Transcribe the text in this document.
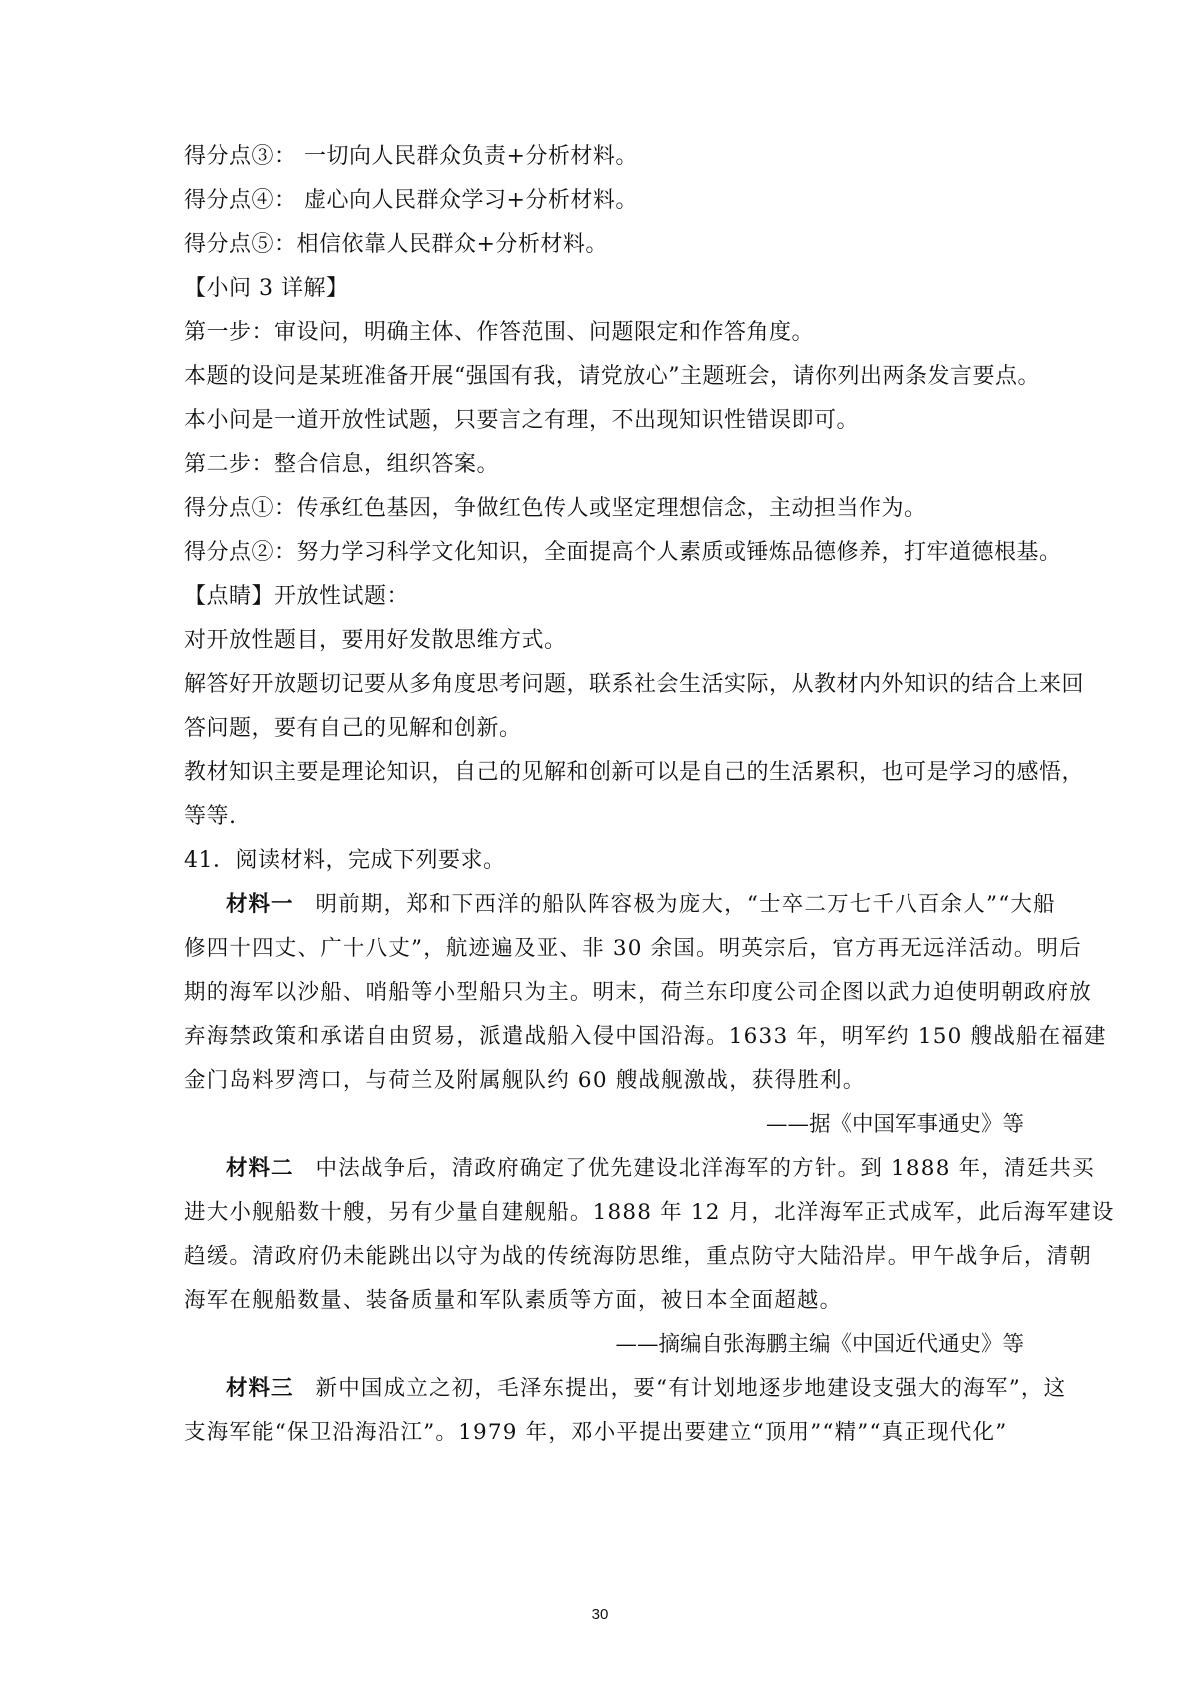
得分点③： 一切向人民群众负责+分析材料。
得分点④： 虚心向人民群众学习+分析材料。
得分点⑤：相信依靠人民群众+分析材料。
【小问 3 详解】
第一步：审设问，明确主体、作答范围、问题限定和作答角度。
本题的设问是某班准备开展“强国有我，请党放心”主题班会，请你列出两条发言要点。
本小问是一道开放性试题，只要言之有理，不出现知识性错误即可。
第二步：整合信息，组织答案。
得分点①：传承红色基因，争做红色传人或坚定理想信念，主动担当作为。
得分点②：努力学习科学文化知识，全面提高个人素质或锤炼品德修养，打牢道德根基。
【点睛】开放性试题：
对开放性题目，要用好发散思维方式。
解答好开放题切记要从多角度思考问题，联系社会生活实际，从教材内外知识的结合上来回
答问题，要有自己的见解和创新。
教材知识主要是理论知识，自己的见解和创新可以是自己的生活累积，也可是学习的感悟，
等等.
41．阅读材料，完成下列要求。
材料一 明前期，郑和下西洋的船队阵容极为庞大，“士卒二万七千八百余人”“大船
修四十四丈、广十八丈”，航迹遍及亚、非 30 余国。明英宗后，官方再无远洋活动。明后
期的海军以沙船、哨船等小型船只为主。明末，荷兰东印度公司企图以武力迫使明朝政府放
弃海禁政策和承诺自由贸易，派遣战船入侵中国沿海。1633 年，明军约 150 艘战船在福建
金门岛料罗湾口，与荷兰及附属舰队约 60 艘战舰激战，获得胜利。
——据《中国军事通史》等
材料二 中法战争后，清政府确定了优先建设北洋海军的方针。到 1888 年，清廷共买
进大小舰船数十艘，另有少量自建舰船。1888 年 12 月，北洋海军正式成军，此后海军建设
趋缓。清政府仍未能跳出以守为战的传统海防思维，重点防守大陆沿岸。甲午战争后，清朝
海军在舰船数量、装备质量和军队素质等方面，被日本全面超越。
——摘编自张海鹏主编《中国近代通史》等
材料三 新中国成立之初，毛泽东提出，要“有计划地逐步地建设支强大的海军”，这
支海军能“保卫沿海沿江”。1979 年，邓小平提出要建立“顶用”“精”“真正现代化”
30
